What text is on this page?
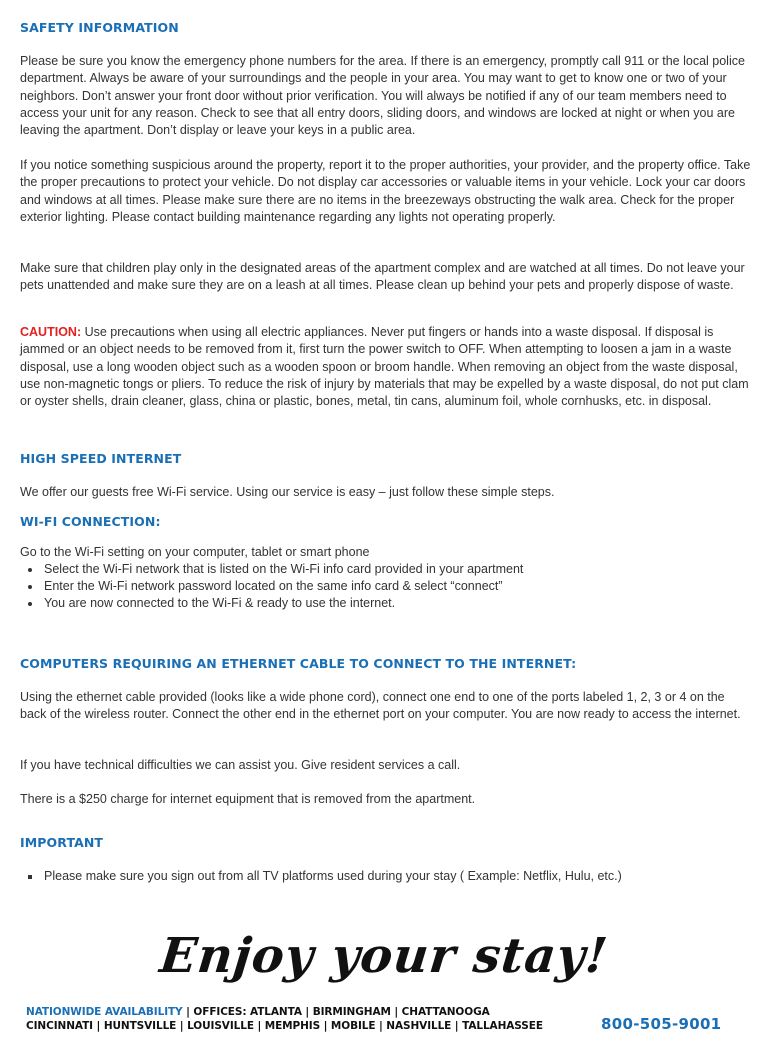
SAFETY INFORMATION

Please be sure you know the emergency phone numbers for the area. If there is an emergency, promptly call 911 or the local police department. Always be aware of your surroundings and the people in your area. You may want to get to know one or two of your neighbors. Don’t answer your front door without prior verification. You will always be notified if any of our team members need to access your unit for any reason. Check to see that all entry doors, sliding doors, and windows are locked at night or when you are leaving the apartment. Don’t display or leave your keys in a public area.

If you notice something suspicious around the property, report it to the proper authorities, your provider, and the property office. Take the proper precautions to protect your vehicle. Do not display car accessories or valuable items in your vehicle. Lock your car doors and windows at all times. Please make sure there are no items in the breezeways obstructing the walk area. Check for the proper exterior lighting. Please contact building maintenance regarding any lights not operating properly.

Make sure that children play only in the designated areas of the apartment complex and are watched at all times. Do not leave your pets unattended and make sure they are on a leash at all times. Please clean up behind your pets and properly dispose of waste.

CAUTION: Use precautions when using all electric appliances. Never put fingers or hands into a waste disposal. If disposal is jammed or an object needs to be removed from it, first turn the power switch to OFF. When attempting to loosen a jam in a waste disposal, use a long wooden object such as a wooden spoon or broom handle. When removing an object from the waste disposal, use non-magnetic tongs or pliers. To reduce the risk of injury by materials that may be expelled by a waste disposal, do not put clam or oyster shells, drain cleaner, glass, china or plastic, bones, metal, tin cans, aluminum foil, whole cornhusks, etc. in disposal.

HIGH SPEED INTERNET

We offer our guests free Wi-Fi service. Using our service is easy – just follow these simple steps.

WI-FI CONNECTION:

Go to the Wi-Fi setting on your computer, tablet or smart phone

• Select the Wi-Fi network that is listed on the Wi-Fi info card provided in your apartment
• Enter the Wi-Fi network password located on the same info card & select “connect”
• You are now connected to the Wi-Fi & ready to use the internet.
COMPUTERS REQUIRING AN ETHERNET CABLE TO CONNECT TO THE INTERNET:

Using the ethernet cable provided (looks like a wide phone cord), connect one end to one of the ports labeled 1, 2, 3 or 4 on the back of the wireless router. Connect the other end in the ethernet port on your computer. You are now ready to access the internet.

If you have technical difficulties we can assist you. Give resident services a call.

There is a $250 charge for internet equipment that is removed from the apartment.

IMPORTANT
▪ Please make sure you sign out from all TV platforms used during your stay ( Example: Netflix, Hulu, etc.)
Enjoy your stay!
NATIONWIDE AVAILABILITY | OFFICES: ATLANTA | BIRMINGHAM | CHATTANOOGA
CINCINNATI | HUNTSVILLE | LOUISVILLE | MEMPHIS | MOBILE | NASHVILLE | TALLAHASSEE	800-505-9001
